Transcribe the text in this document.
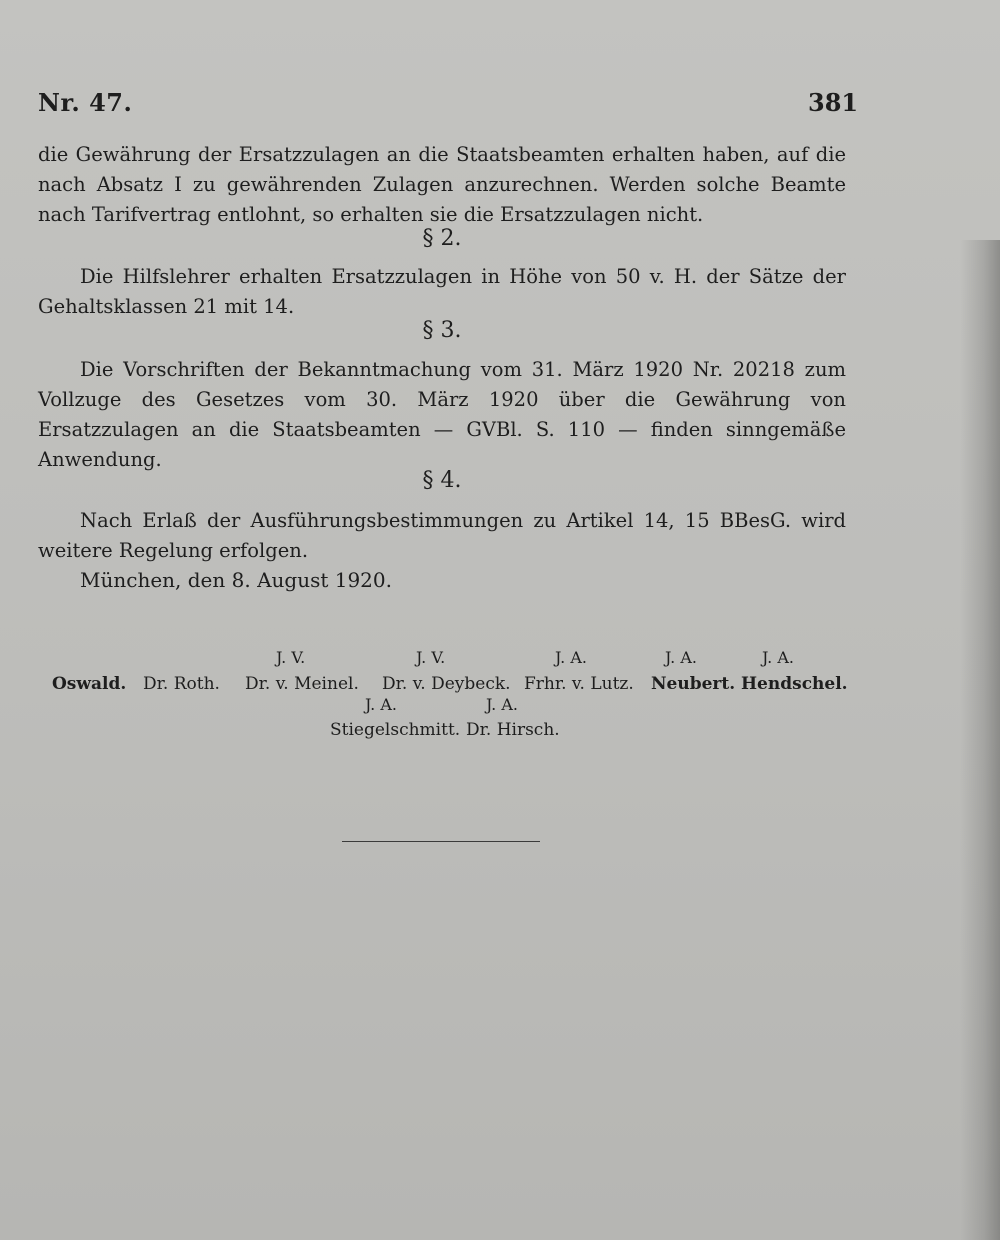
Nr. 47.	381
die Gewährung der Ersatzzulagen an die Staatsbeamten erhalten haben, auf die nach Absatz I zu gewährenden Zulagen anzurechnen. Werden solche Beamte nach Tarifvertrag entlohnt, so erhalten sie die Ersatzzulagen nicht.
§ 2.
Die Hilfslehrer erhalten Ersatzzulagen in Höhe von 50 v. H. der Sätze der Gehaltsklassen 21 mit 14.
§ 3.
Die Vorschriften der Bekanntmachung vom 31. März 1920 Nr. 20218 zum Vollzuge des Gesetzes vom 30. März 1920 über die Gewährung von Ersatzzulagen an die Staatsbeamten — GVBl. S. 110 — finden sinngemäße Anwendung.
§ 4.
Nach Erlaß der Ausführungsbestimmungen zu Artikel 14, 15 BBesG. wird weitere Regelung erfolgen.
München, den 8. August 1920.
J. V.	J. V.	J. A.	J. A.	J. A.
Oswald. Dr. Roth. Dr. v. Meinel. Dr. v. Deybeck. Frhr. v. Lutz. Neubert. Hendschel.
J. A.	J. A.
Stiegelschmitt. Dr. Hirsch.
